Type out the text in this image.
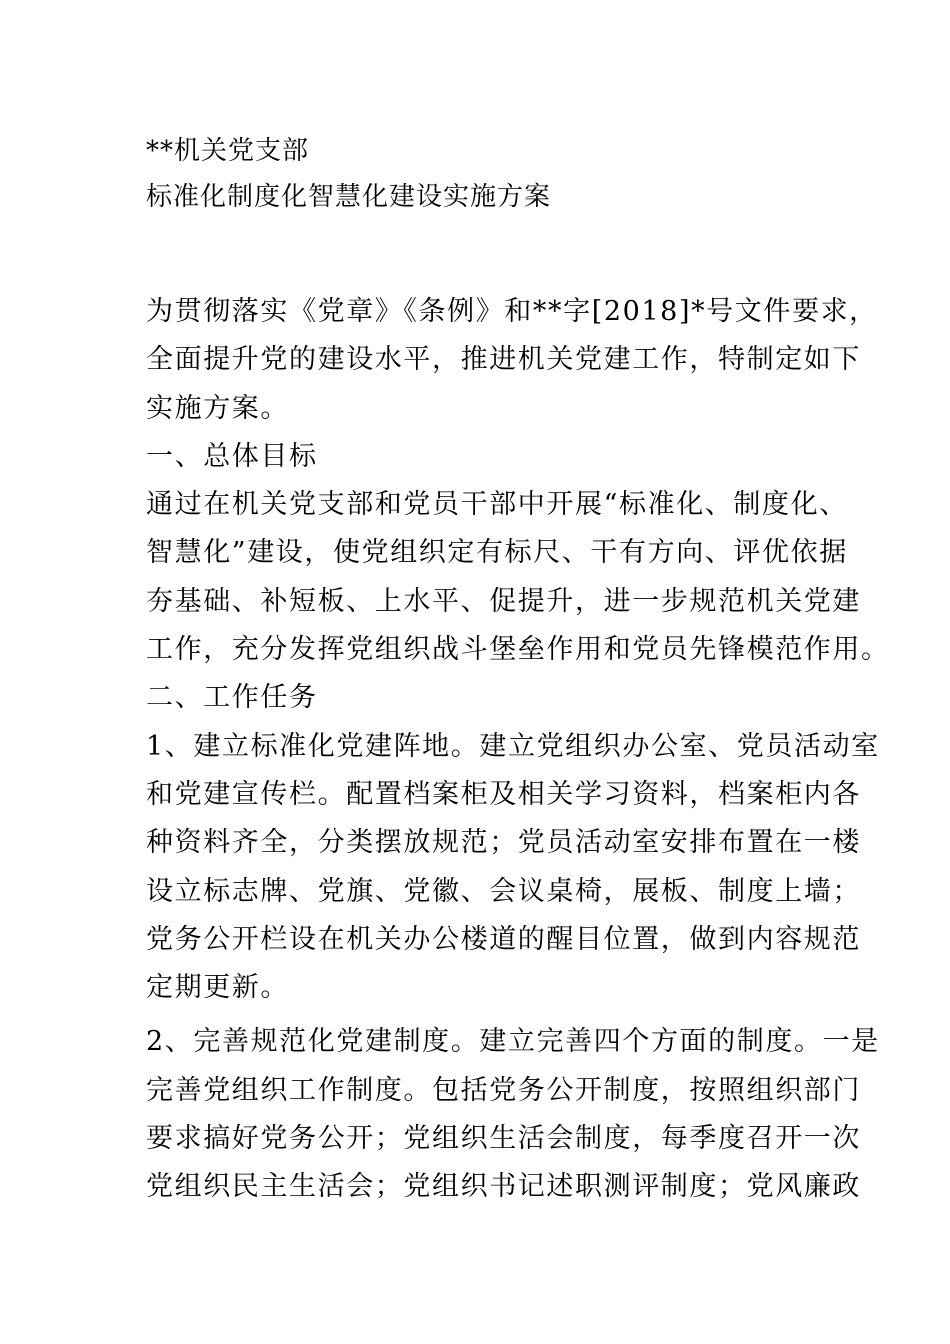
**机关党支部
标准化制度化智慧化建设实施方案
为贯彻落实《党章》《条例》和**字[2018]*号文件要求，
全面提升党的建设水平，推进机关党建工作，特制定如下
实施方案。
一、总体目标
通过在机关党支部和党员干部中开展“标准化、制度化、
智慧化”建设，使党组织定有标尺、干有方向、评优依据
夯基础、补短板、上水平、促提升，进一步规范机关党建
工作，充分发挥党组织战斗堡垒作用和党员先锋模范作用。
二、工作任务
1、建立标准化党建阵地。建立党组织办公室、党员活动室
和党建宣传栏。配置档案柜及相关学习资料，档案柜内各
种资料齐全，分类摆放规范；党员活动室安排布置在一楼
设立标志牌、党旗、党徽、会议桌椅，展板、制度上墙；
党务公开栏设在机关办公楼道的醒目位置，做到内容规范
定期更新。
2、完善规范化党建制度。建立完善四个方面的制度。一是
完善党组织工作制度。包括党务公开制度，按照组织部门
要求搞好党务公开；党组织生活会制度，每季度召开一次
党组织民主生活会；党组织书记述职测评制度；党风廉政
